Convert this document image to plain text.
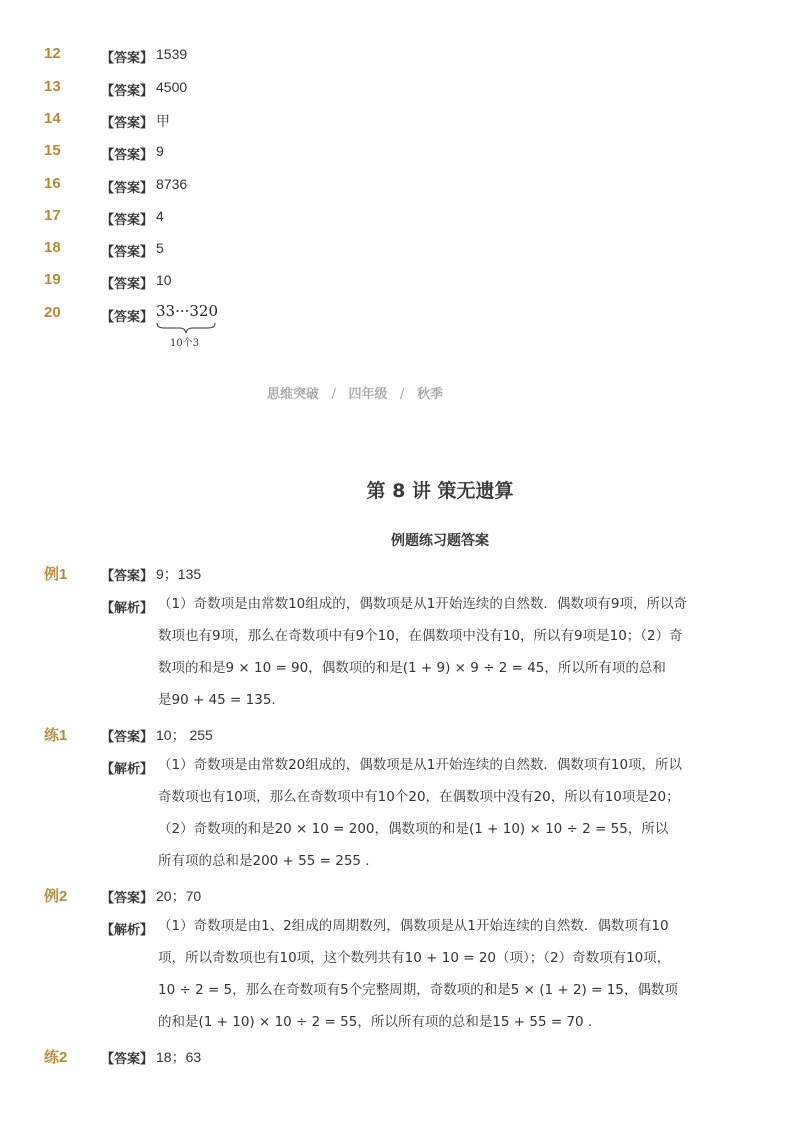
12	【答案】 1539
13	【答案】 4500
14	【答案】 甲
15	【答案】 9
16	【答案】 8736
17	【答案】 4
18	【答案】 5
19	【答案】 10
20	【答案】 33···320
10个3
思维突破 / 四年级 / 秋季
第 8 讲 策无遗算
例题练习题答案
例1	【答案】 9；135
【解析】 （1）奇数项是由常数10组成的，偶数项是从1开始连续的自然数．偶数项有9项，所以奇
数项也有9项，那么在奇数项中有9个10，在偶数项中没有10，所以有9项是10；（2）奇
数项的和是9 × 10 = 90，偶数项的和是(1 + 9) × 9 ÷ 2 = 45，所以所有项的总和
是90 + 45 = 135.
练1	【答案】 10； 255
【解析】 （1）奇数项是由常数20组成的，偶数项是从1开始连续的自然数．偶数项有10项，所以
奇数项也有10项，那么在奇数项中有10个20，在偶数项中没有20，所以有10项是20；
（2）奇数项的和是20 × 10 = 200，偶数项的和是(1 + 10) × 10 ÷ 2 = 55，所以
所有项的总和是200 + 55 = 255 .
例2	【答案】 20；70
【解析】 （1）奇数项是由1、2组成的周期数列，偶数项是从1开始连续的自然数．偶数项有10
项，所以奇数项也有10项，这个数列共有10 + 10 = 20（项）；（2）奇数项有10项，
10 ÷ 2 = 5，那么在奇数项有5个完整周期，奇数项的和是5 × (1 + 2) = 15，偶数项
的和是(1 + 10) × 10 ÷ 2 = 55，所以所有项的总和是15 + 55 = 70 .
练2	【答案】 18；63
